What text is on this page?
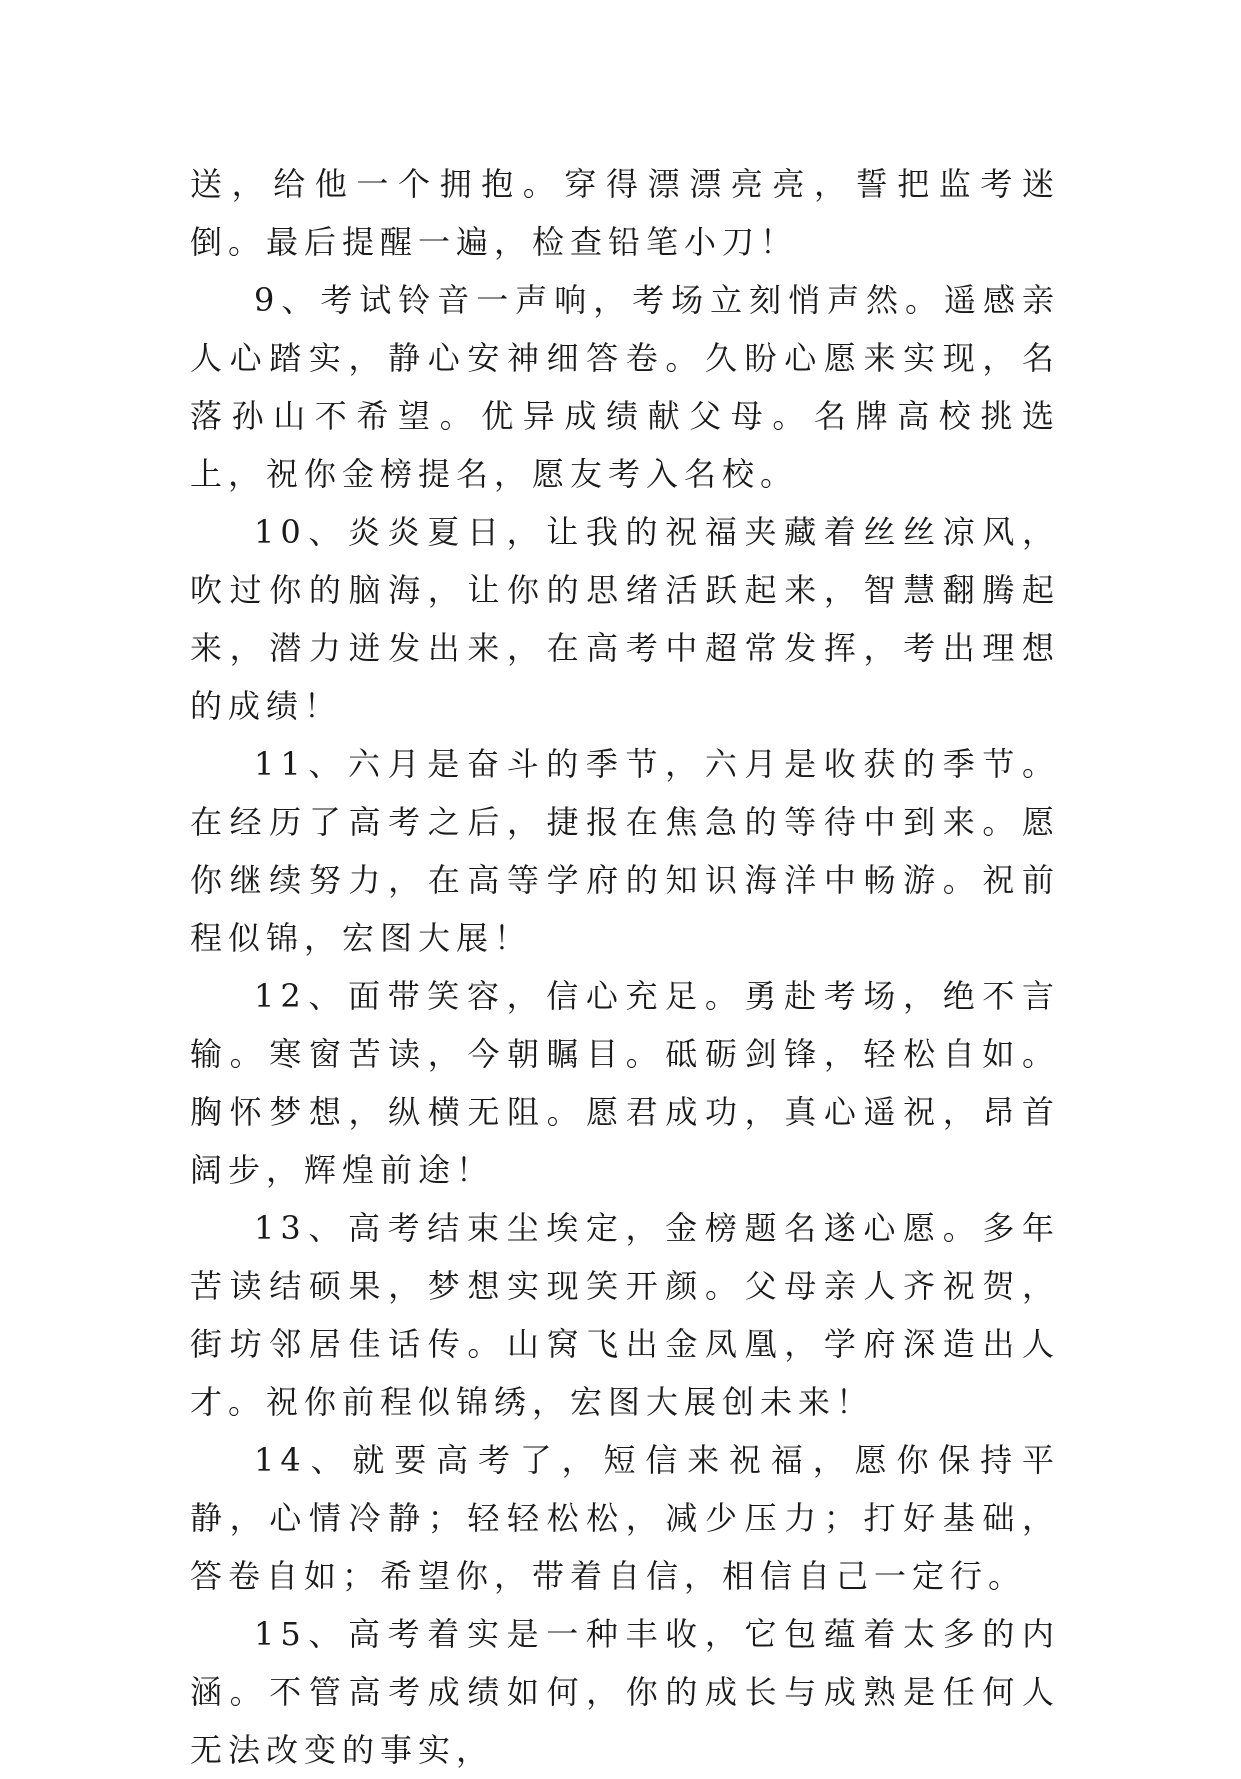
送，给他一个拥抱。穿得漂漂亮亮，誓把监考迷倒。最后提醒一遍，检查铅笔小刀！

9、考试铃音一声响，考场立刻悄声然。遥感亲人心踏实，静心安神细答卷。久盼心愿来实现，名落孙山不希望。优异成绩献父母。名牌高校挑选上，祝你金榜提名，愿友考入名校。

10、炎炎夏日，让我的祝福夹藏着丝丝凉风，吹过你的脑海，让你的思绪活跃起来，智慧翻腾起来，潜力迸发出来，在高考中超常发挥，考出理想的成绩！

11、六月是奋斗的季节，六月是收获的季节。在经历了高考之后，捷报在焦急的等待中到来。愿你继续努力，在高等学府的知识海洋中畅游。祝前程似锦，宏图大展！

12、面带笑容，信心充足。勇赴考场，绝不言输。寒窗苦读，今朝瞩目。砥砺剑锋，轻松自如。胸怀梦想，纵横无阻。愿君成功，真心遥祝，昂首阔步，辉煌前途！

13、高考结束尘埃定，金榜题名遂心愿。多年苦读结硕果，梦想实现笑开颜。父母亲人齐祝贺，街坊邻居佳话传。山窝飞出金凤凰，学府深造出人才。祝你前程似锦绣，宏图大展创未来！

14、就要高考了，短信来祝福，愿你保持平静，心情冷静；轻轻松松，减少压力；打好基础，答卷自如；希望你，带着自信，相信自己一定行。

15、高考着实是一种丰收，它包蕴着太多的内涵。不管高考成绩如何，你的成长与成熟是任何人无法改变的事实，
